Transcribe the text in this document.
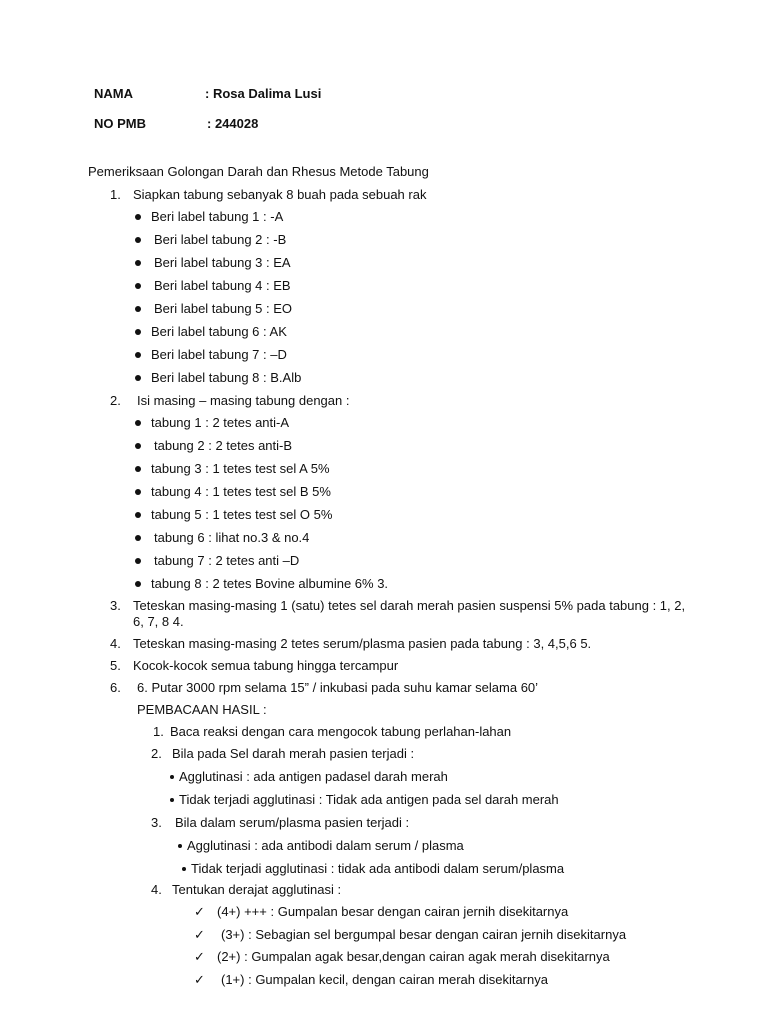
NAMA	: Rosa Dalima Lusi
NO PMB	: 244028
Pemeriksaan Golongan Darah dan Rhesus Metode Tabung
1. Siapkan tabung sebanyak 8 buah pada sebuah rak
Beri label tabung 1 : -A
Beri label tabung 2 : -B
Beri label tabung 3 : EA
Beri label tabung 4 : EB
Beri label tabung 5 : EO
Beri label tabung 6 : AK
Beri label tabung 7 : –D
Beri label tabung 8 : B.Alb
2. Isi masing – masing tabung dengan :
tabung 1 : 2 tetes anti-A
tabung 2 : 2 tetes anti-B
tabung 3 : 1 tetes test sel A 5%
tabung 4 : 1 tetes test sel B 5%
tabung 5 : 1 tetes test sel O 5%
tabung 6 : lihat no.3 & no.4
tabung 7 : 2 tetes anti –D
tabung 8 : 2 tetes Bovine albumine 6% 3.
3. Teteskan masing-masing 1 (satu) tetes sel darah merah pasien suspensi 5% pada tabung : 1, 2,
6, 7, 8 4.
4. Teteskan masing-masing 2 tetes serum/plasma pasien pada tabung : 3, 4,5,6 5.
5. Kocok-kocok semua tabung hingga tercampur
6. 6. Putar 3000 rpm selama 15” / inkubasi pada suhu kamar selama 60’
PEMBACAAN HASIL :
1. Baca reaksi dengan cara mengocok tabung perlahan-lahan
2. Bila pada Sel darah merah pasien terjadi :
Agglutinasi : ada antigen padasel darah merah
Tidak terjadi agglutinasi : Tidak ada antigen pada sel darah merah
3. Bila dalam serum/plasma pasien terjadi :
Agglutinasi : ada antibodi dalam serum / plasma
Tidak terjadi agglutinasi : tidak ada antibodi dalam serum/plasma
4. Tentukan derajat agglutinasi :
✓ (4+) +++ : Gumpalan besar dengan cairan jernih disekitarnya
✓ (3+) : Sebagian sel bergumpal besar dengan cairan jernih disekitarnya
✓ (2+) : Gumpalan agak besar,dengan cairan agak merah disekitarnya
✓ (1+) : Gumpalan kecil, dengan cairan merah disekitarnya
